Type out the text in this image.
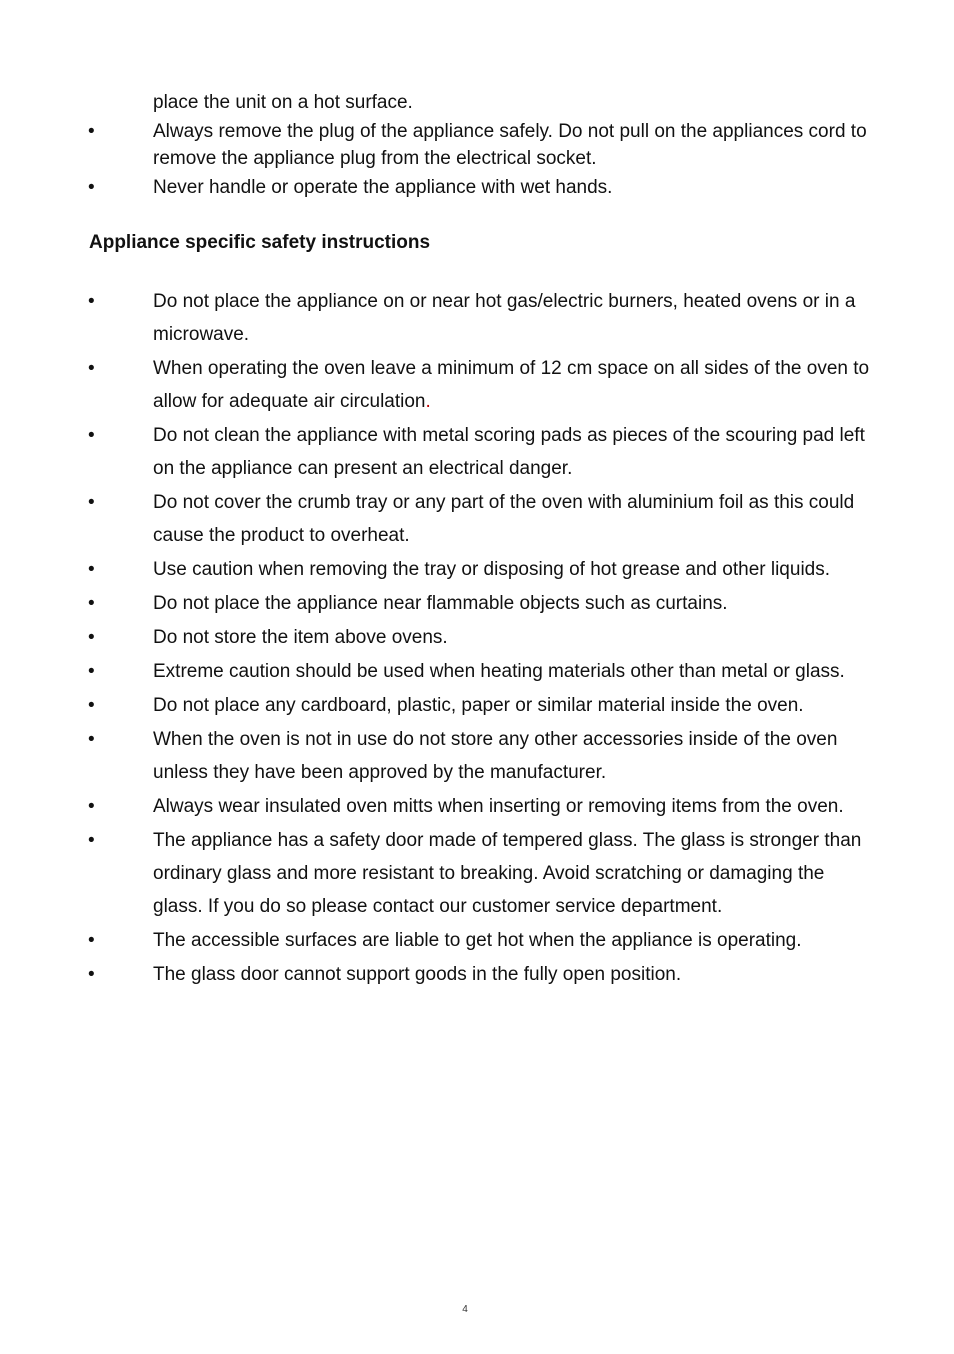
place the unit on a hot surface.

•	Always remove the plug of the appliance safely. Do not pull on the appliances cord to remove the appliance plug from the electrical socket.
•	Never handle or operate the appliance with wet hands.
Appliance specific safety instructions
•	Do not place the appliance on or near hot gas/electric burners, heated ovens or in a microwave.
•	When operating the oven leave a minimum of 12 cm space on all sides of the oven to allow for adequate air circulation.
•	Do not clean the appliance with metal scoring pads as pieces of the scouring pad left on the appliance can present an electrical danger.
•	Do not cover the crumb tray or any part of the oven with aluminium foil as this could cause the product to overheat.
•	Use caution when removing the tray or disposing of hot grease and other liquids.
•	Do not place the appliance near flammable objects such as curtains.
•	Do not store the item above ovens.
•	Extreme caution should be used when heating materials other than metal or glass.
•	Do not place any cardboard, plastic, paper or similar material inside the oven.
•	When the oven is not in use do not store any other accessories inside of the oven unless they have been approved by the manufacturer.
•	Always wear insulated oven mitts when inserting or removing items from the oven.
•	The appliance has a safety door made of tempered glass. The glass is stronger than ordinary glass and more resistant to breaking. Avoid scratching or damaging the glass. If you do so please contact our customer service department.
•	The accessible surfaces are liable to get hot when the appliance is operating.
•	The glass door cannot support goods in the fully open position.
4
